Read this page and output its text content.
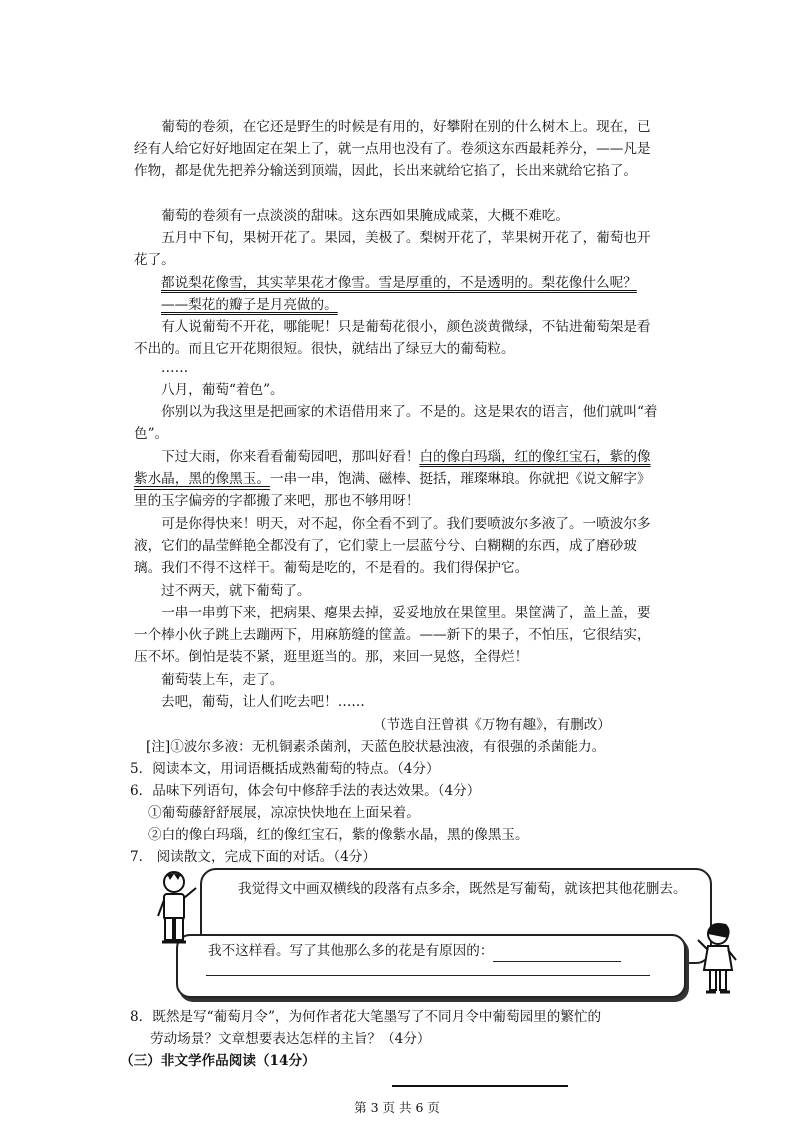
葡萄的卷须，在它还是野生的时候是有用的，好攀附在别的什么树木上。现在，已经有人给它好好地固定在架上了，就一点用也没有了。卷须这东西最耗养分，——凡是作物，都是优先把养分输送到顶端，因此，长出来就给它掐了，长出来就给它掐了。

葡萄的卷须有一点淡淡的甜味。这东西如果腌成咸菜，大概不难吃。

五月中下旬，果树开花了。果园，美极了。梨树开花了，苹果树开花了，葡萄也开花了。

都说梨花像雪，其实苹果花才像雪。雪是厚重的，不是透明的。梨花像什么呢？

——梨花的瓣子是月亮做的。

有人说葡萄不开花，哪能呢！只是葡萄花很小，颜色淡黄微绿，不钻进葡萄架是看不出的。而且它开花期很短。很快，就结出了绿豆大的葡萄粒。

……

八月，葡萄“着色”。

你别以为我这里是把画家的术语借用来了。不是的。这是果农的语言，他们就叫“着色”。

下过大雨，你来看看葡萄园吧，那叫好看！白的像白玛瑙，红的像红宝石，紫的像紫水晶，黑的像黑玉。一串一串，饱满、磁棒、挺括，璀璨琳琅。你就把《说文解字》里的玉字偏旁的字都搬了来吧，那也不够用呀！

可是你得快来！明天，对不起，你全看不到了。我们要喷波尔多液了。一喷波尔多液，它们的晶莹鲜艳全都没有了，它们蒙上一层蓝兮兮、白糊糊的东西，成了磨砂玻璃。我们不得不这样干。葡萄是吃的，不是看的。我们得保护它。

过不两天，就下葡萄了。

一串一串剪下来，把病果、瘪果去掉，妥妥地放在果筐里。果筐满了，盖上盖，要一个棒小伙子跳上去蹦两下，用麻筋缝的筐盖。——新下的果子，不怕压，它很结实，压不坏。倒怕是装不紧，逛里逛当的。那，来回一晃悠，全得烂！

葡萄装上车，走了。

去吧，葡萄，让人们吃去吧！……

（节选自汪曾祺《万物有趣》，有删改）

[注]①波尔多液：无机铜素杀菌剂，天蓝色胶状悬浊液，有很强的杀菌能力。

5．阅读本文，用词语概括成熟葡萄的特点。（4分）

6．品味下列语句，体会句中修辞手法的表达效果。（4分）

①葡萄藤舒舒展展，凉凉快快地在上面呆着。

②白的像白玛瑙，红的像红宝石，紫的像紫水晶，黑的像黑玉。

7． 阅读散文，完成下面的对话。（4分）

我觉得文中画双横线的段落有点多余，既然是写葡萄，就该把其他花删去。

我不这样看。写了其他那么多的花是有原因的：

8．既然是写“葡萄月令”，为何作者花大笔墨写了不同月令中葡萄园里的繁忙的

劳动场景？文章想要表达怎样的主旨？（4分）

（三）非文学作品阅读（14分）

第 3 页 共 6 页
